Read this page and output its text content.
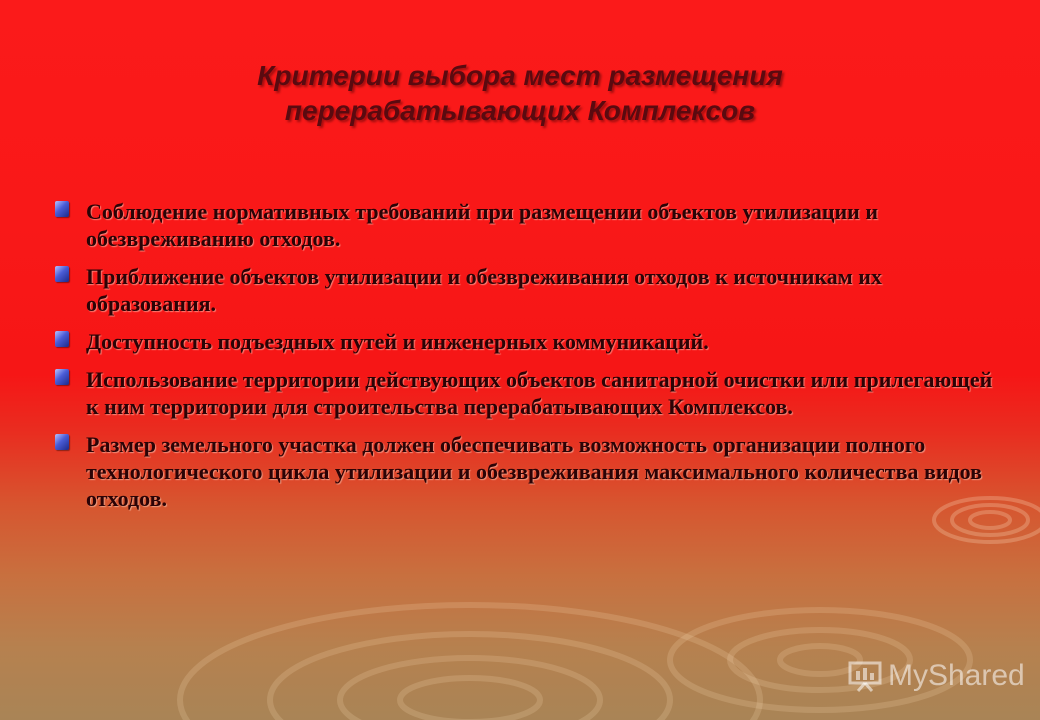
Критерии выбора мест размещения
перерабатывающих Комплексов
Соблюдение нормативных требований при размещении объектов утилизации и обезвреживанию отходов.
Приближение объектов утилизации и обезвреживания отходов к источникам их образования.
Доступность подъездных путей и инженерных коммуникаций.
Использование территории действующих объектов санитарной очистки или прилегающей к ним территории для строительства перерабатывающих Комплексов.
Размер земельного участка должен обеспечивать возможность организации полного технологического цикла утилизации и обезвреживания максимального количества видов отходов.
MyShared
